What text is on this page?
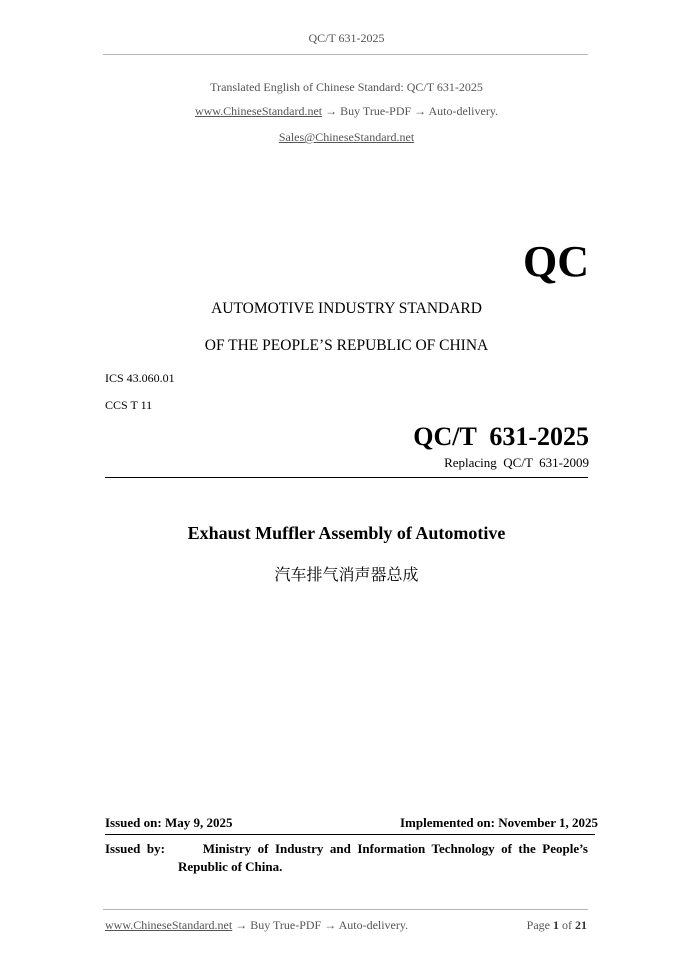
QC/T 631-2025
Translated English of Chinese Standard: QC/T 631-2025
www.ChineseStandard.net → Buy True-PDF → Auto-delivery.
Sales@ChineseStandard.net
QC
AUTOMOTIVE INDUSTRY STANDARD
OF THE PEOPLE’S REPUBLIC OF CHINA
ICS 43.060.01
CCS T 11
QC/T  631-2025
Replacing  QC/T  631-2009
Exhaust Muffler Assembly of Automotive
汽车排气消声器总成
Issued on: May 9, 2025	Implemented on: November 1, 2025
Issued  by:	Ministry  of  Industry  and  Information  Technology  of  the  People’s
Republic of China.
www.ChineseStandard.net → Buy True-PDF → Auto-delivery.	Page 1 of 21
